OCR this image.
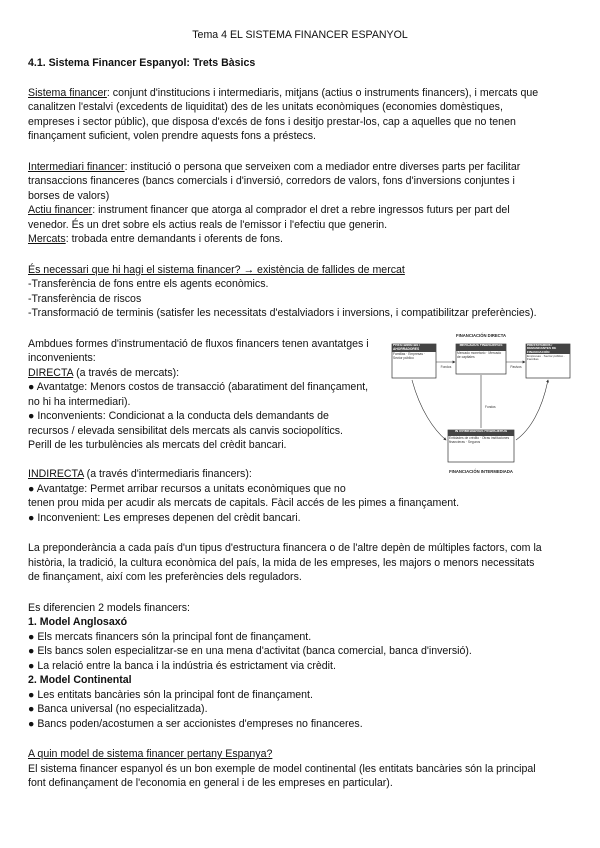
Tema 4 EL SISTEMA FINANCER ESPANYOL
4.1. Sistema Financer Espanyol: Trets Bàsics
Sistema financer: conjunt d'institucions i intermediaris, mitjans (actius o instruments financers), i mercats que
canalitzen l'estalvi (excedents de liquiditat) des de les unitats econòmiques (economies domèstiques,
empreses i sector públic), que disposa d'excés de fons i desitjo prestar-los, cap a aquelles que no tenen
finançament suficient, volen prendre aquests fons a préstecs.
Intermediari financer: institució o persona que serveixen com a mediador entre diverses parts per facilitar
transaccions financeres (bancs comercials i d'inversió, corredors de valors, fons d'inversions conjuntes i
borses de valors)
Actiu financer: instrument financer que atorga al comprador el dret a rebre ingressos futurs per part del
venedor. És un dret sobre els actius reals de l'emissor i l'efectiu que generin.
Mercats: trobada entre demandants i oferents de fons.
És necessari que hi hagi el sistema financer? → existència de fallides de mercat
-Transferència de fons entre els agents econòmics.
-Transferència de riscos
-Transformació de terminis (satisfer les necessitats d'estalviadors i inversions, i compatibilitzar preferències).
Ambdues formes d'instrumentació de fluxos financers tenen avantatges i
inconvenients:
DIRECTA (a través de mercats):
● Avantatge: Menors costos de transacció (abaratiment del finançament,
no hi ha intermediari).
● Inconvenients: Condicionat a la conducta dels demandants de
recursos / elevada sensibilitat dels mercats als canvis sociopolítics.
Perill de les turbulències als mercats del crèdit bancari.
FINANCIACIÓN DIRECTA
PRESTAMISTAS / AHORRADORES
Familias · Empresas · Sector público
MERCADOS FINANCIEROS
Mercado monetario · Mercado de capitales
PRESTATARIOS / DEMANDANTES DE FINANCIACIÓN
Empresas · Sector público · Familias
Fondos	Pasivos
Fondos
INTERMEDIARIOS FINANCIEROS
Entidades de crédito · Otras instituciones financieras · Seguros
FINANCIACIÓN INTERMEDIADA
INDIRECTA (a través d'intermediaris financers):
● Avantatge: Permet arribar recursos a unitats econòmiques que no
tenen prou mida per acudir als mercats de capitals. Fàcil accés de les pimes a finançament.
● Inconvenient: Les empreses depenen del crèdit bancari.
La preponderància a cada país d'un tipus d'estructura financera o de l'altre depèn de múltiples factors, com la
història, la tradició, la cultura econòmica del país, la mida de les empreses, les majors o menors necessitats
de finançament, així com les preferències dels reguladors.
Es diferencien 2 models financers:
1. Model Anglosaxó
● Els mercats financers són la principal font de finançament.
● Els bancs solen especialitzar-se en una mena d'activitat (banca comercial, banca d'inversió).
● La relació entre la banca i la indústria és estrictament via crèdit.
2. Model Continental
● Les entitats bancàries són la principal font de finançament.
● Banca universal (no especialitzada).
● Bancs poden/acostumen a ser accionistes d'empreses no financeres.
A quin model de sistema financer pertany Espanya?
El sistema financer espanyol és un bon exemple de model continental (les entitats bancàries són la principal
font definançament de l'economia en general i de les empreses en particular).
